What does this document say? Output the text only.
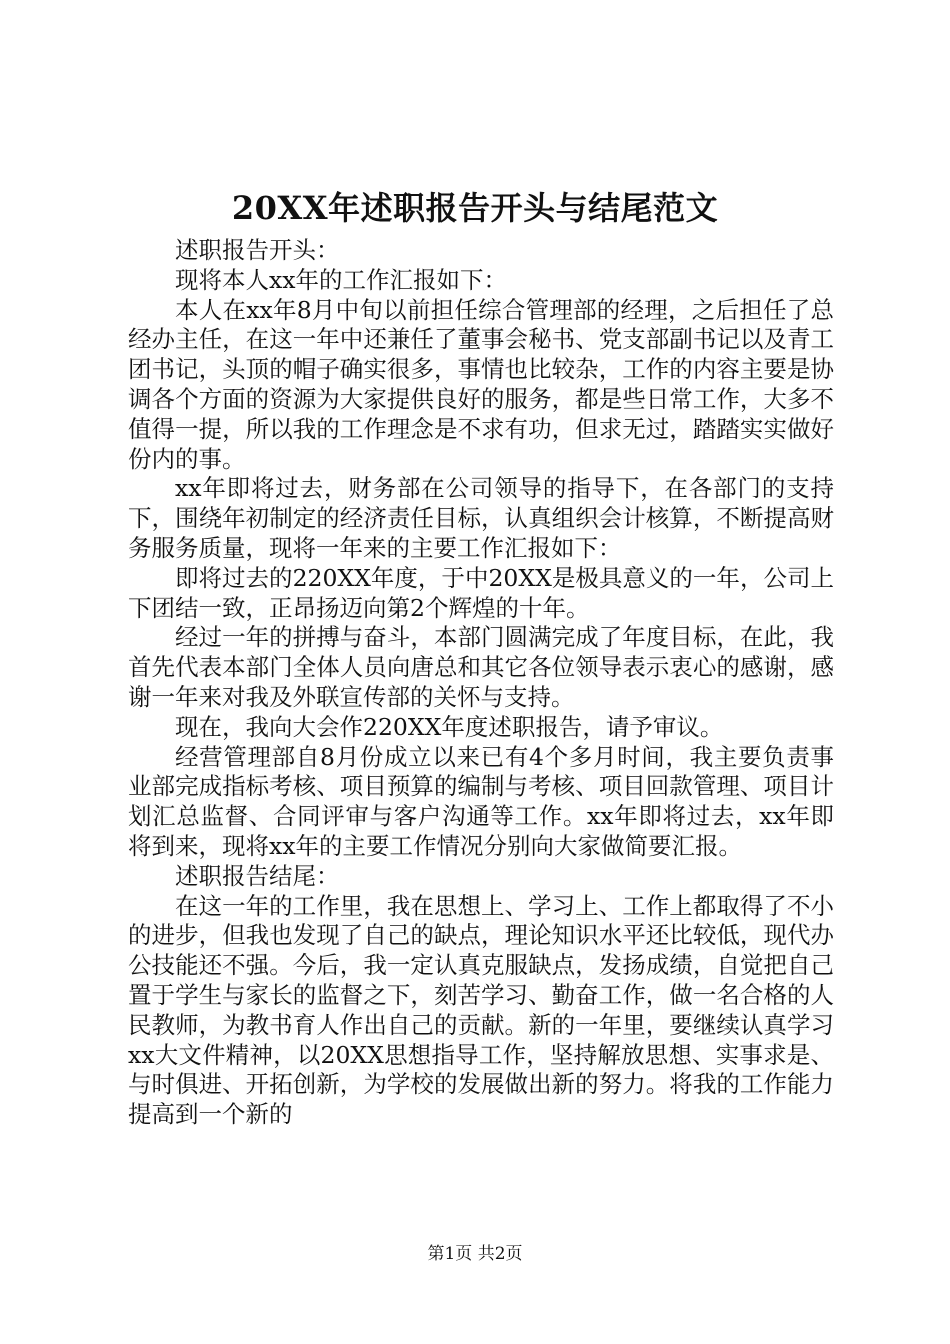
20XX年述职报告开头与结尾范文

述职报告开头：

现将本人xx年的工作汇报如下：

本人在xx年8月中旬以前担任综合管理部的经理，之后担任了总经办主任，在这一年中还兼任了董事会秘书、党支部副书记以及青工团书记，头顶的帽子确实很多，事情也比较杂，工作的内容主要是协调各个方面的资源为大家提供良好的服务，都是些日常工作，大多不值得一提，所以我的工作理念是不求有功，但求无过，踏踏实实做好份内的事。

xx年即将过去，财务部在公司领导的指导下，在各部门的支持下，围绕年初制定的经济责任目标，认真组织会计核算，不断提高财务服务质量，现将一年来的主要工作汇报如下：

即将过去的220XX年度，于中20XX是极具意义的一年，公司上下团结一致，正昂扬迈向第2个辉煌的十年。

经过一年的拼搏与奋斗，本部门圆满完成了年度目标，在此，我首先代表本部门全体人员向唐总和其它各位领导表示衷心的感谢，感谢一年来对我及外联宣传部的关怀与支持。

现在，我向大会作220XX年度述职报告，请予审议。

经营管理部自8月份成立以来已有4个多月时间，我主要负责事业部完成指标考核、项目预算的编制与考核、项目回款管理、项目计划汇总监督、合同评审与客户沟通等工作。xx年即将过去，xx年即将到来，现将xx年的主要工作情况分别向大家做简要汇报。

述职报告结尾：

在这一年的工作里，我在思想上、学习上、工作上都取得了不小的进步，但我也发现了自己的缺点，理论知识水平还比较低，现代办公技能还不强。今后，我一定认真克服缺点，发扬成绩，自觉把自己置于学生与家长的监督之下，刻苦学习、勤奋工作，做一名合格的人民教师，为教书育人作出自己的贡献。新的一年里，要继续认真学习xx大文件精神，以20XX思想指导工作，坚持解放思想、实事求是、与时俱进、开拓创新，为学校的发展做出新的努力。将我的工作能力提高到一个新的

第1页 共2页
